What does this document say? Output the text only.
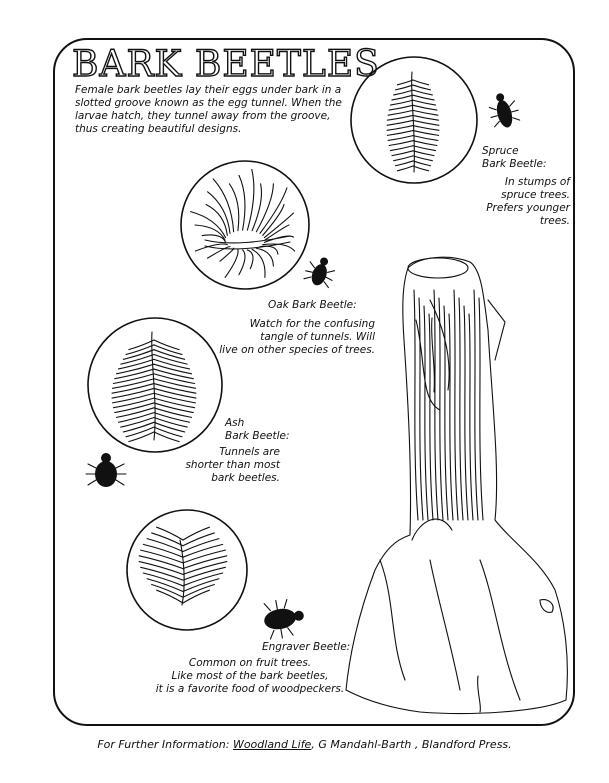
BARK BEETLES

Female bark beetles lay their eggs under bark in a
slotted groove known as the egg tunnel. When the
larvae hatch, they tunnel away from the groove,
thus creating beautiful designs.

Spruce
Bark Beetle:

In stumps of
spruce trees.
Prefers younger
trees.

Oak Bark Beetle:

Watch for the confusing
tangle of tunnels. Will
live on other species of trees.

Ash
Bark Beetle:

Tunnels are
shorter than most
bark beetles.

Engraver Beetle:

Common on fruit trees.
Like most of the bark beetles,
it is a favorite food of woodpeckers.

For Further Information: Woodland Life, G Mandahl-Barth , Blandford Press.
